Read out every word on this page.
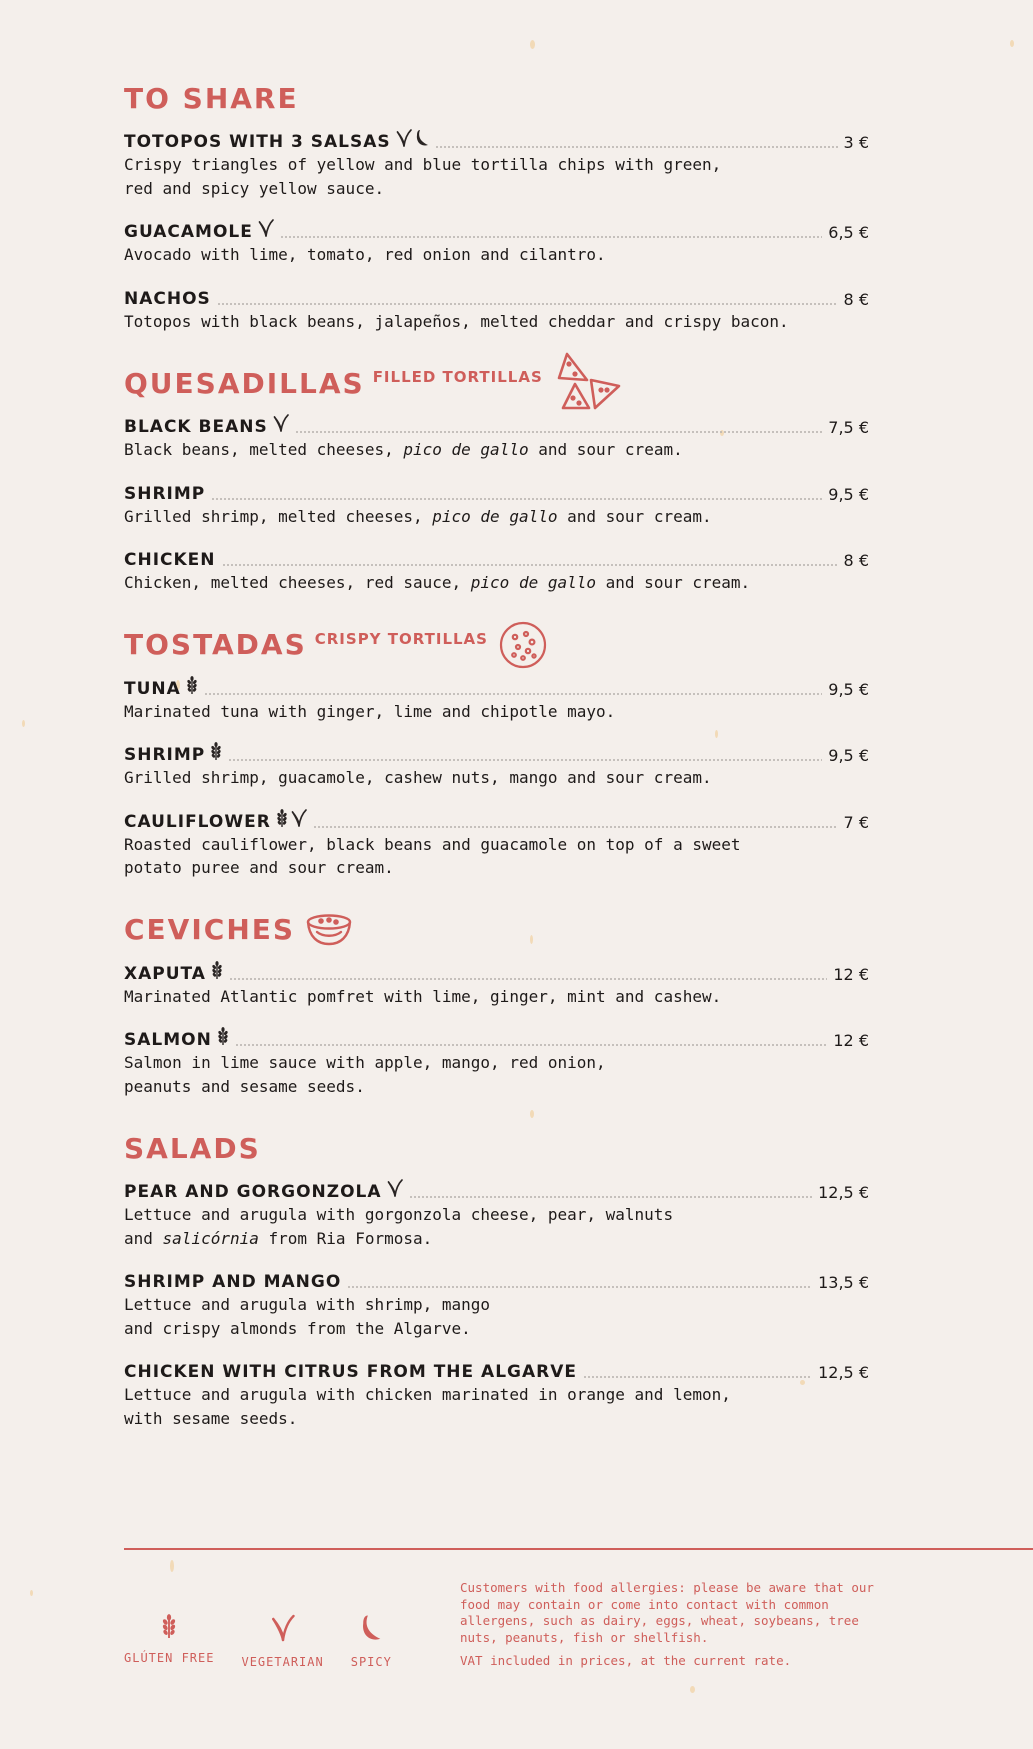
TO SHARE
TOTOPOS WITH 3 SALSAS	3 €
Crispy triangles of yellow and blue tortilla chips with green,
red and spicy yellow sauce.
GUACAMOLE	6,5 €
Avocado with lime, tomato, red onion and cilantro.
NACHOS	8 €
Totopos with black beans, jalapeños, melted cheddar and crispy bacon.
QUESADILLAS FILLED TORTILLAS
BLACK BEANS	7,5 €
Black beans, melted cheeses, pico de gallo and sour cream.
SHRIMP	9,5 €
Grilled shrimp, melted cheeses, pico de gallo and sour cream.
CHICKEN	8 €
Chicken, melted cheeses, red sauce, pico de gallo and sour cream.
TOSTADAS CRISPY TORTILLAS
TUNA	9,5 €
Marinated tuna with ginger, lime and chipotle mayo.
SHRIMP	9,5 €
Grilled shrimp, guacamole, cashew nuts, mango and sour cream.
CAULIFLOWER	7 €
Roasted cauliflower, black beans and guacamole on top of a sweet
potato puree and sour cream.
CEVICHES
XAPUTA	12 €
Marinated Atlantic pomfret with lime, ginger, mint and cashew.
SALMON	12 €
Salmon in lime sauce with apple, mango, red onion,
peanuts and sesame seeds.
SALADS
PEAR AND GORGONZOLA	12,5 €
Lettuce and arugula with gorgonzola cheese, pear, walnuts
and salicórnia from Ria Formosa.
SHRIMP AND MANGO	13,5 €
Lettuce and arugula with shrimp, mango
and crispy almonds from the Algarve.
CHICKEN WITH CITRUS FROM THE ALGARVE	12,5 €
Lettuce and arugula with chicken marinated in orange and lemon,
with sesame seeds.
GLÚTEN FREE VEGETARIAN SPICY

Customers with food allergies: please be aware that our food may contain or come into contact with common allergens, such as dairy, eggs, wheat, soybeans, tree nuts, peanuts, fish or shellfish.

VAT included in prices, at the current rate.
